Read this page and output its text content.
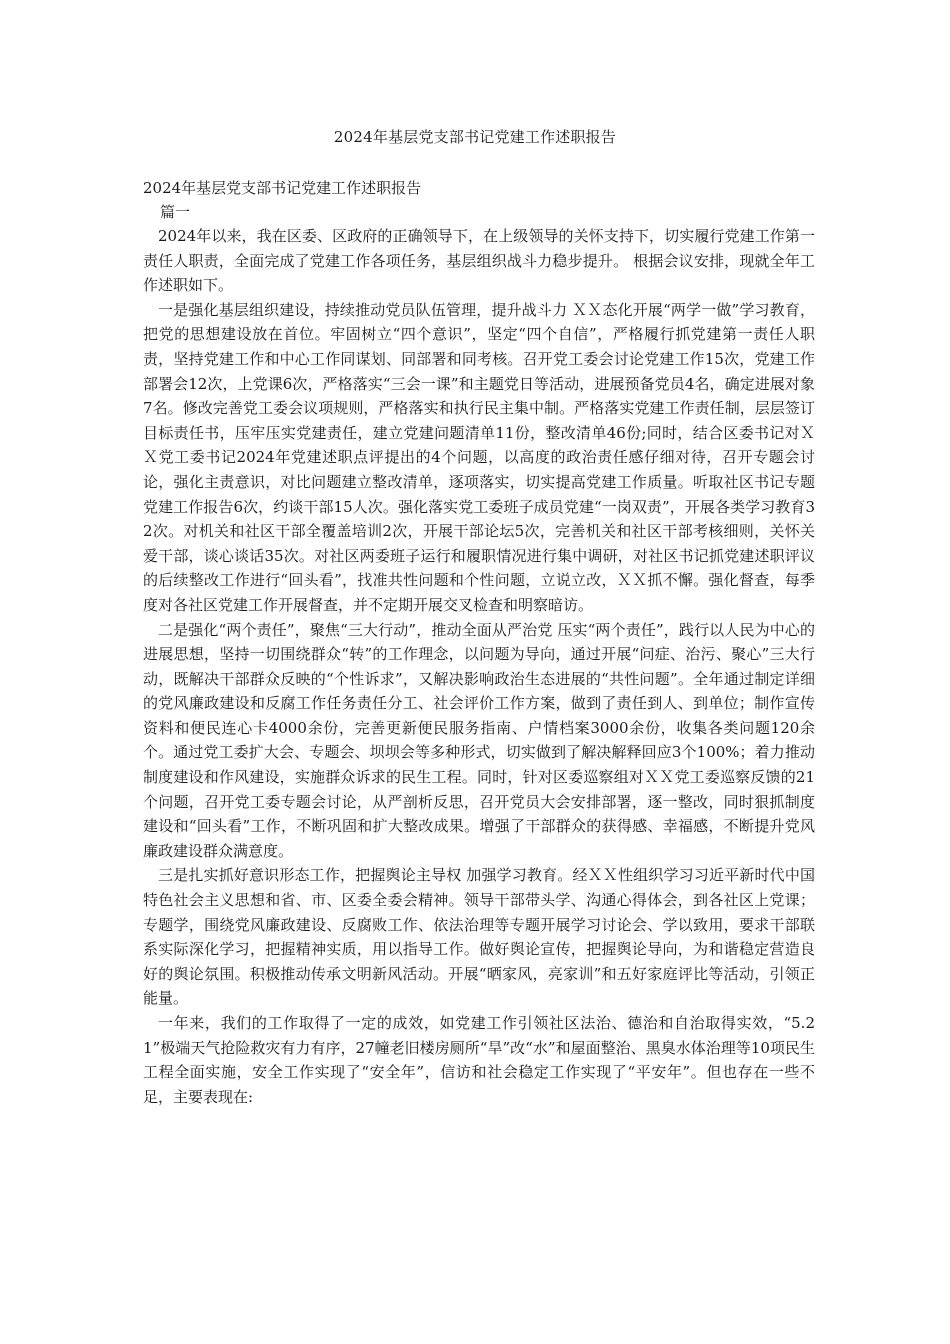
2024年基层党支部书记党建工作述职报告

2024年基层党支部书记党建工作述职报告

篇一

2024年以来，我在区委、区政府的正确领导下，在上级领导的关怀支持下，切实履行党建工作第一责任人职责，全面完成了党建工作各项任务，基层组织战斗力稳步提升。 根据会议安排，现就全年工作述职如下。

一是强化基层组织建设，持续推动党员队伍管理，提升战斗力 ＸＸ态化开展“两学一做”学习教育，把党的思想建设放在首位。牢固树立“四个意识”，坚定“四个自信”，严格履行抓党建第一责任人职责，坚持党建工作和中心工作同谋划、同部署和同考核。召开党工委会讨论党建工作15次，党建工作部署会12次，上党课6次，严格落实“三会一课”和主题党日等活动，进展预备党员4名，确定进展对象7名。修改完善党工委会议项规则，严格落实和执行民主集中制。严格落实党建工作责任制，层层签订目标责任书，压牢压实党建责任，建立党建问题清单11份，整改清单46份;同时，结合区委书记对ＸＸ党工委书记2024年党建述职点评提出的4个问题，以高度的政治责任感仔细对待，召开专题会讨论，强化主责意识，对比问题建立整改清单，逐项落实，切实提高党建工作质量。听取社区书记专题党建工作报告6次，约谈干部15人次。强化落实党工委班子成员党建“一岗双责”，开展各类学习教育32次。对机关和社区干部全覆盖培训2次，开展干部论坛5次，完善机关和社区干部考核细则，关怀关爱干部，谈心谈话35次。对社区两委班子运行和履职情况进行集中调研，对社区书记抓党建述职评议的后续整改工作进行“回头看”，找准共性问题和个性问题，立说立改，ＸＸ抓不懈。强化督查，每季度对各社区党建工作开展督查，并不定期开展交叉检查和明察暗访。

二是强化“两个责任”，聚焦“三大行动”，推动全面从严治党 压实“两个责任”，践行以人民为中心的进展思想，坚持一切围绕群众“转”的工作理念，以问题为导向，通过开展“问症、治污、聚心”三大行动，既解决干部群众反映的“个性诉求”，又解决影响政治生态进展的“共性问题”。全年通过制定详细的党风廉政建设和反腐工作任务责任分工、社会评价工作方案，做到了责任到人、到单位；制作宣传资料和便民连心卡4000余份，完善更新便民服务指南、户情档案3000余份，收集各类问题120余个。通过党工委扩大会、专题会、坝坝会等多种形式，切实做到了解决解释回应3个100%；着力推动制度建设和作风建设，实施群众诉求的民生工程。同时，针对区委巡察组对ＸＸ党工委巡察反馈的21个问题，召开党工委专题会讨论，从严剖析反思，召开党员大会安排部署，逐一整改，同时狠抓制度建设和“回头看”工作，不断巩固和扩大整改成果。增强了干部群众的获得感、幸福感，不断提升党风廉政建设群众满意度。

三是扎实抓好意识形态工作，把握舆论主导权 加强学习教育。经ＸＸ性组织学习习近平新时代中国特色社会主义思想和省、市、区委全委会精神。领导干部带头学、沟通心得体会，到各社区上党课；专题学，围绕党风廉政建设、反腐败工作、依法治理等专题开展学习讨论会、学以致用，要求干部联系实际深化学习，把握精神实质，用以指导工作。做好舆论宣传，把握舆论导向，为和谐稳定营造良好的舆论氛围。积极推动传承文明新风活动。开展“晒家风，亮家训”和五好家庭评比等活动，引领正能量。

一年来，我们的工作取得了一定的成效，如党建工作引领社区法治、德治和自治取得实效，“5.21”极端天气抢险救灾有力有序，27幢老旧楼房厕所“旱”改“水”和屋面整治、黑臭水体治理等10项民生工程全面实施，安全工作实现了“安全年”，信访和社会稳定工作实现了“平安年”。但也存在一些不足，主要表现在:
